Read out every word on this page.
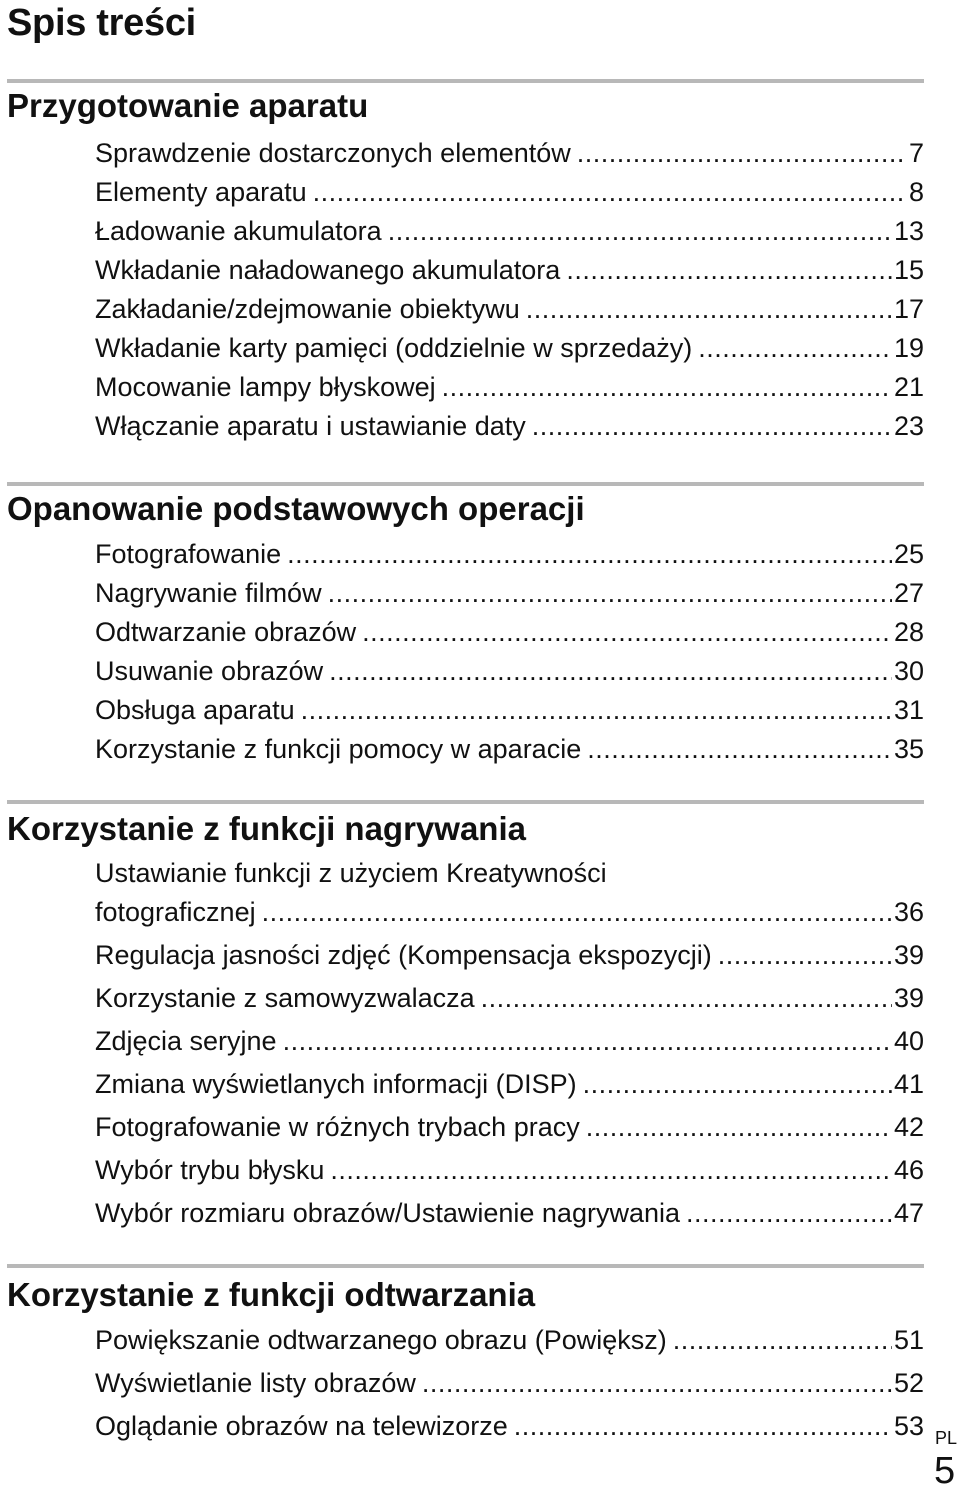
Spis treści
Przygotowanie aparatu
Sprawdzenie dostarczonych elementów .....	7
Elementy aparatu .....	8
Ładowanie akumulatora .....	13
Wkładanie naładowanego akumulatora .....	15
Zakładanie/zdejmowanie obiektywu .....	17
Wkładanie karty pamięci (oddzielnie w sprzedaży) .....	19
Mocowanie lampy błyskowej .....	21
Włączanie aparatu i ustawianie daty .....	23
Opanowanie podstawowych operacji
Fotografowanie .....	25
Nagrywanie filmów .....	27
Odtwarzanie obrazów .....	28
Usuwanie obrazów .....	30
Obsługa aparatu .....	31
Korzystanie z funkcji pomocy w aparacie .....	35
Korzystanie z funkcji nagrywania
Ustawianie funkcji z użyciem Kreatywności
fotograficznej .....	36
Regulacja jasności zdjęć (Kompensacja ekspozycji) .....	39
Korzystanie z samowyzwalacza .....	39
Zdjęcia seryjne .....	40
Zmiana wyświetlanych informacji (DISP) .....	41
Fotografowanie w różnych trybach pracy .....	42
Wybór trybu błysku .....	46
Wybór rozmiaru obrazów/Ustawienie nagrywania .....	47
Korzystanie z funkcji odtwarzania
Powiększanie odtwarzanego obrazu (Powiększ) .....	51
Wyświetlanie listy obrazów .....	52
Oglądanie obrazów na telewizorze .....	53 PL
5
